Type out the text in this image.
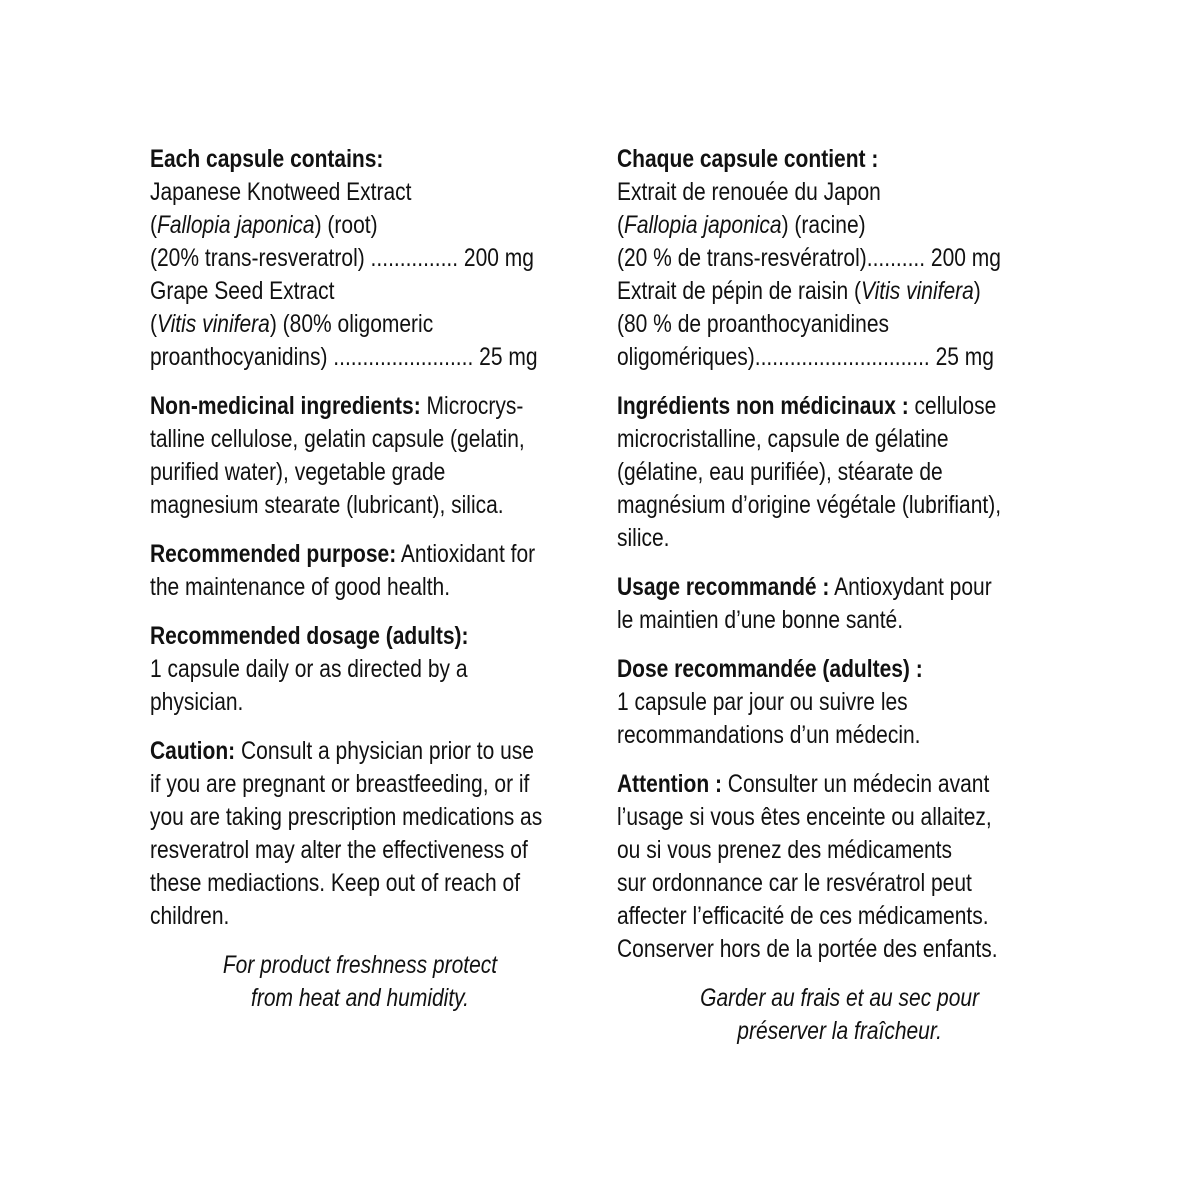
Each capsule contains:
Japanese Knotweed Extract
(Fallopia japonica) (root)
(20% trans-resveratrol) ............... 200 mg
Grape Seed Extract
(Vitis vinifera) (80% oligomeric
proanthocyanidins) ........................ 25 mg
Non-medicinal ingredients: Microcrys-
talline cellulose, gelatin capsule (gelatin,
purified water), vegetable grade
magnesium stearate (lubricant), silica.
Recommended purpose: Antioxidant for
the maintenance of good health.
Recommended dosage (adults):
1 capsule daily or as directed by a
physician.
Caution: Consult a physician prior to use
if you are pregnant or breastfeeding, or if
you are taking prescription medications as
resveratrol may alter the effectiveness of
these mediactions. Keep out of reach of
children.
For product freshness protect
from heat and humidity.
Chaque capsule contient :
Extrait de renouée du Japon
(Fallopia japonica) (racine)
(20 % de trans-resvératrol).......... 200 mg
Extrait de pépin de raisin (Vitis vinifera)
(80 % de proanthocyanidines
oligomériques).............................. 25 mg
Ingrédients non médicinaux : cellulose
microcristalline, capsule de gélatine
(gélatine, eau purifiée), stéarate de
magnésium d’origine végétale (lubrifiant),
silice.
Usage recommandé : Antioxydant pour
le maintien d’une bonne santé.
Dose recommandée (adultes) :
1 capsule par jour ou suivre les
recommandations d’un médecin.
Attention : Consulter un médecin avant
l’usage si vous êtes enceinte ou allaitez,
ou si vous prenez des médicaments
sur ordonnance car le resvératrol peut
affecter l’efficacité de ces médicaments.
Conserver hors de la portée des enfants.
Garder au frais et au sec pour
préserver la fraîcheur.
